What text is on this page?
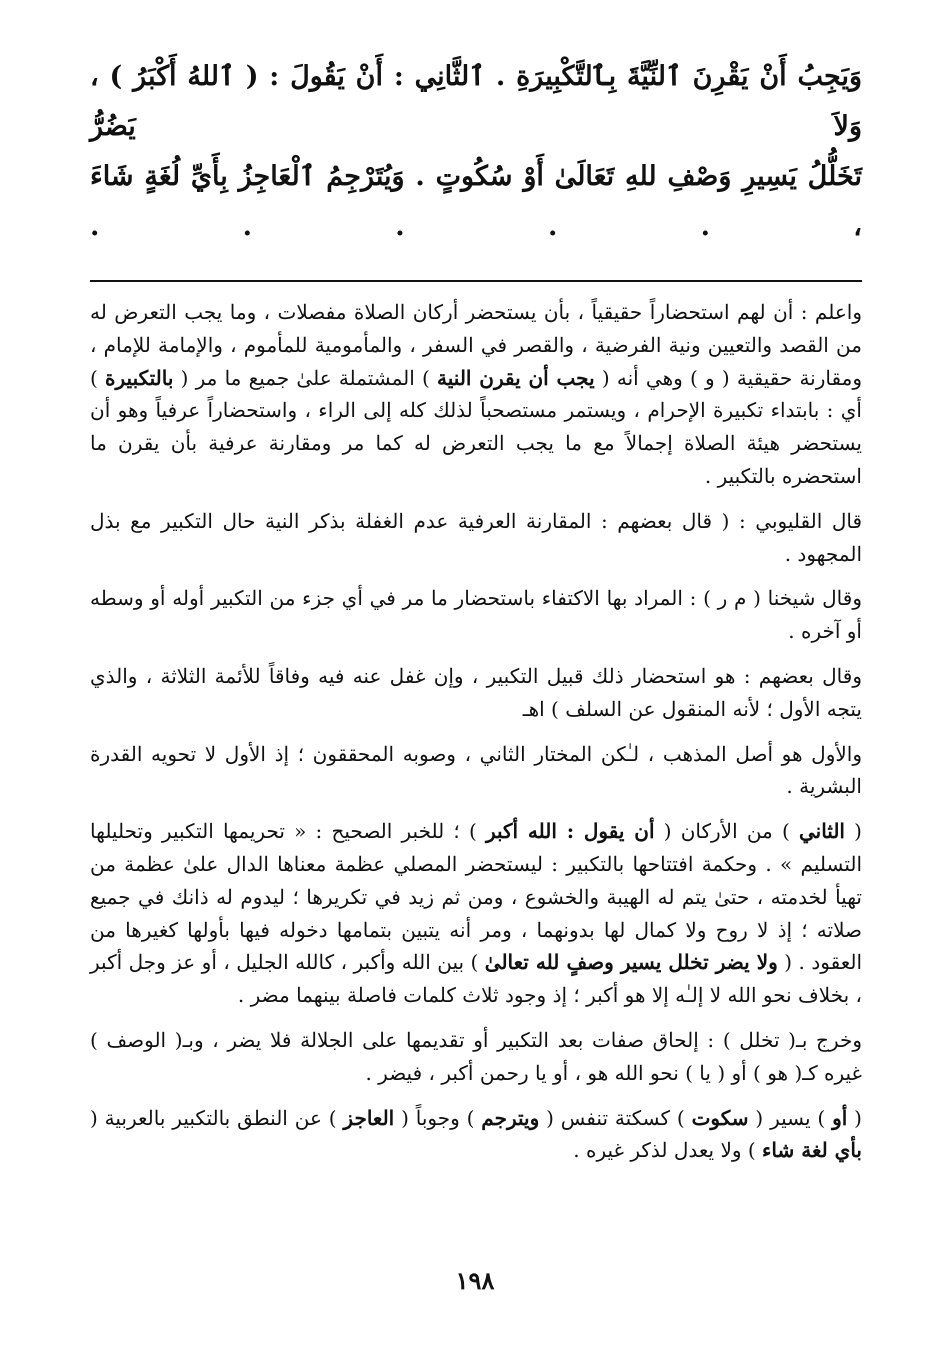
وَيَجِبُ أَنْ يَقْرِنَ ٱلنِّيَّةَ بِٱلتَّكْبِيرَةِ . ٱلثَّانِي : أَنْ يَقُولَ : ( ٱللهُ أَكْبَرُ ) ، وَلاَ يَضُرُّ

تَخَلُّلُ يَسِيرِ وَصْفِ للهِ تَعَالَىٰ أَوْ سُكُوتٍ . وَيُتَرْجِمُ ٱلْعَاجِزُ بِأَيِّ لُغَةٍ شَاءَ ، . . . . .

واعلم : أن لهم استحضاراً حقيقياً ، بأن يستحضر أركان الصلاة مفصلات ، وما يجب التعرض له من القصد والتعيين ونية الفرضية ، والقصر في السفر ، والمأمومية للمأموم ، والإمامة للإمام ، ومقارنة حقيقية ( و ) وهي أنه ( يجب أن يقرن النية ) المشتملة علىٰ جميع ما مر ( بالتكبيرة ) أي : بابتداء تكبيرة الإحرام ، ويستمر مستصحباً لذلك كله إلى الراء ، واستحضاراً عرفياً وهو أن يستحضر هيئة الصلاة إجمالاً مع ما يجب التعرض له كما مر ومقارنة عرفية بأن يقرن ما استحضره بالتكبير .

قال القليوبي : ( قال بعضهم : المقارنة العرفية عدم الغفلة بذكر النية حال التكبير مع بذل المجهود .

وقال شيخنا ( م ر ) : المراد بها الاكتفاء باستحضار ما مر في أي جزء من التكبير أوله أو وسطه أو آخره .

وقال بعضهم : هو استحضار ذلك قبيل التكبير ، وإن غفل عنه فيه وفاقاً للأئمة الثلاثة ، والذي يتجه الأول ؛ لأنه المنقول عن السلف ) اهـ

والأول هو أصل المذهب ، لـٰكن المختار الثاني ، وصوبه المحققون ؛ إذ الأول لا تحويه القدرة البشرية .

( الثاني ) من الأركان ( أن يقول : الله أكبر ) ؛ للخبر الصحيح : « تحريمها التكبير وتحليلها التسليم » . وحكمة افتتاحها بالتكبير : ليستحضر المصلي عظمة معناها الدال علىٰ عظمة من تهيأ لخدمته ، حتىٰ يتم له الهيبة والخشوع ، ومن ثم زيد في تكريرها ؛ ليدوم له ذانك في جميع صلاته ؛ إذ لا روح ولا كمال لها بدونهما ، ومر أنه يتبين بتمامها دخوله فيها بأولها كغيرها من العقود . ( ولا يضر تخلل يسير وصفٍ لله تعالىٰ ) بين الله وأكبر ، كالله الجليل ، أو عز وجل أكبر ، بخلاف نحو الله لا إلـٰه إلا هو أكبر ؛ إذ وجود ثلاث كلمات فاصلة بينهما مضر .

وخرج بـ( تخلل ) : إلحاق صفات بعد التكبير أو تقديمها على الجلالة فلا يضر ، وبـ( الوصف ) غيره كـ( هو ) أو ( يا ) نحو الله هو ، أو يا رحمن أكبر ، فيضر .

( أو ) يسير ( سكوت ) كسكتة تنفس ( ويترجم ) وجوباً ( العاجز ) عن النطق بالتكبير بالعربية ( بأي لغة شاء ) ولا يعدل لذكر غيره .

١٩٨
